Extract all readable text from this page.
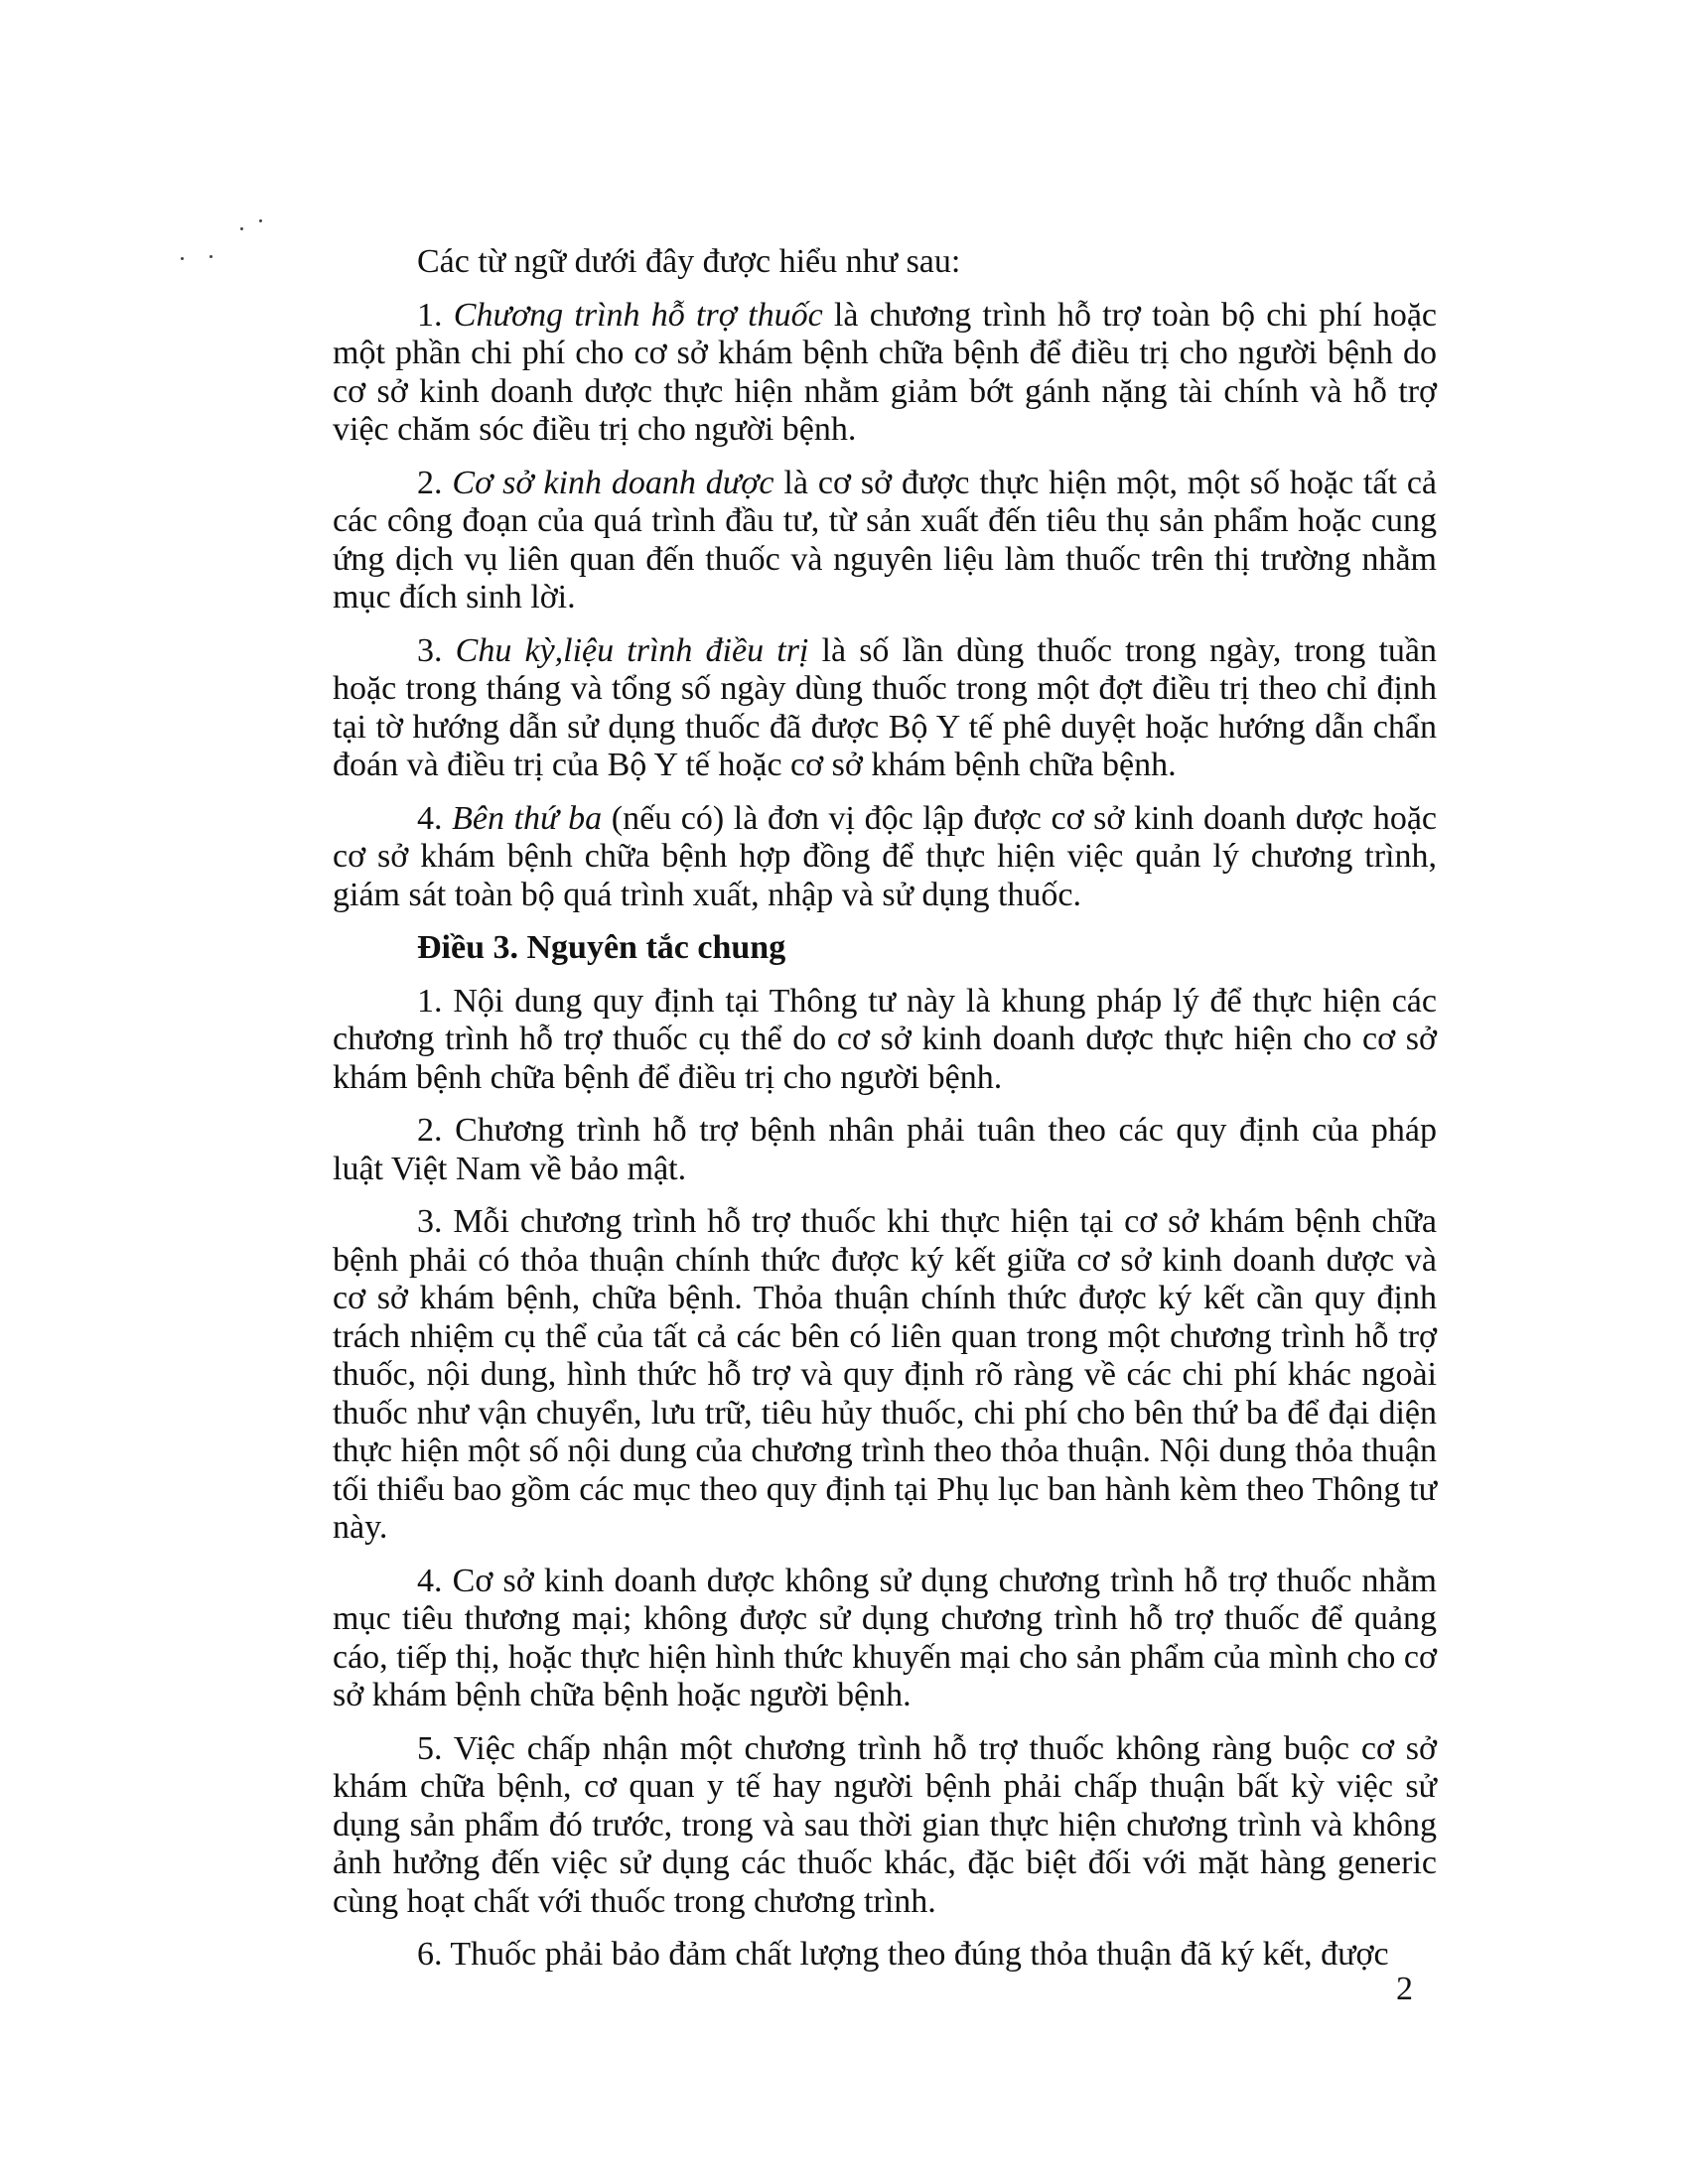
Các từ ngữ dưới đây được hiểu như sau:

1. Chương trình hỗ trợ thuốc là chương trình hỗ trợ toàn bộ chi phí hoặc một phần chi phí cho cơ sở khám bệnh chữa bệnh để điều trị cho người bệnh do cơ sở kinh doanh dược thực hiện nhằm giảm bớt gánh nặng tài chính và hỗ trợ việc chăm sóc điều trị cho người bệnh.

2. Cơ sở kinh doanh dược là cơ sở được thực hiện một, một số hoặc tất cả các công đoạn của quá trình đầu tư, từ sản xuất đến tiêu thụ sản phẩm hoặc cung ứng dịch vụ liên quan đến thuốc và nguyên liệu làm thuốc trên thị trường nhằm mục đích sinh lời.

3. Chu kỳ,liệu trình điều trị là số lần dùng thuốc trong ngày, trong tuần hoặc trong tháng và tổng số ngày dùng thuốc trong một đợt điều trị theo chỉ định tại tờ hướng dẫn sử dụng thuốc đã được Bộ Y tế phê duyệt hoặc hướng dẫn chẩn đoán và điều trị của Bộ Y tế hoặc cơ sở khám bệnh chữa bệnh.

4. Bên thứ ba (nếu có) là đơn vị độc lập được cơ sở kinh doanh dược hoặc cơ sở khám bệnh chữa bệnh hợp đồng để thực hiện việc quản lý chương trình, giám sát toàn bộ quá trình xuất, nhập và sử dụng thuốc.

Điều 3. Nguyên tắc chung

1. Nội dung quy định tại Thông tư này là khung pháp lý để thực hiện các chương trình hỗ trợ thuốc cụ thể do cơ sở kinh doanh dược thực hiện cho cơ sở khám bệnh chữa bệnh để điều trị cho người bệnh.

2. Chương trình hỗ trợ bệnh nhân phải tuân theo các quy định của pháp luật Việt Nam về bảo mật.

3. Mỗi chương trình hỗ trợ thuốc khi thực hiện tại cơ sở khám bệnh chữa bệnh phải có thỏa thuận chính thức được ký kết giữa cơ sở kinh doanh dược và cơ sở khám bệnh, chữa bệnh. Thỏa thuận chính thức được ký kết cần quy định trách nhiệm cụ thể của tất cả các bên có liên quan trong một chương trình hỗ trợ thuốc, nội dung, hình thức hỗ trợ và quy định rõ ràng về các chi phí khác ngoài thuốc như vận chuyển, lưu trữ, tiêu hủy thuốc, chi phí cho bên thứ ba để đại diện thực hiện một số nội dung của chương trình theo thỏa thuận. Nội dung thỏa thuận tối thiểu bao gồm các mục theo quy định tại Phụ lục ban hành kèm theo Thông tư này.

4. Cơ sở kinh doanh dược không sử dụng chương trình hỗ trợ thuốc nhằm mục tiêu thương mại; không được sử dụng chương trình hỗ trợ thuốc để quảng cáo, tiếp thị, hoặc thực hiện hình thức khuyến mại cho sản phẩm của mình cho cơ sở khám bệnh chữa bệnh hoặc người bệnh.

5. Việc chấp nhận một chương trình hỗ trợ thuốc không ràng buộc cơ sở khám chữa bệnh, cơ quan y tế hay người bệnh phải chấp thuận bất kỳ việc sử dụng sản phẩm đó trước, trong và sau thời gian thực hiện chương trình và không ảnh hưởng đến việc sử dụng các thuốc khác, đặc biệt đối với mặt hàng generic cùng hoạt chất với thuốc trong chương trình.

6. Thuốc phải bảo đảm chất lượng theo đúng thỏa thuận đã ký kết, được

2
